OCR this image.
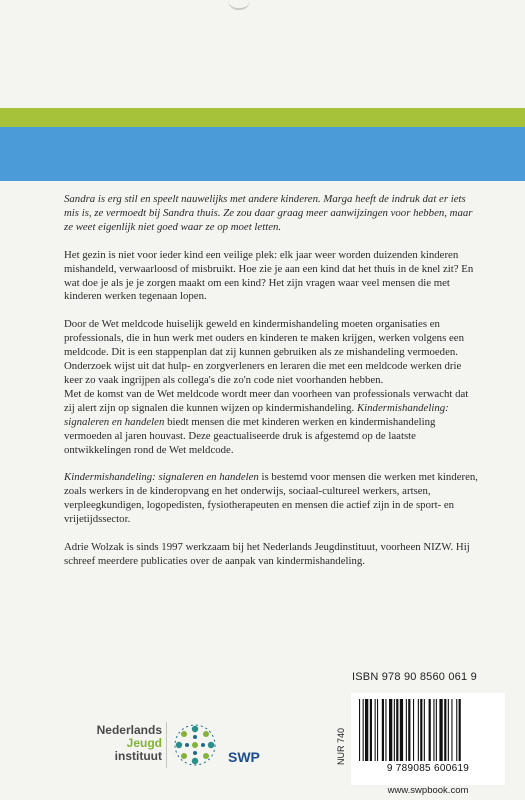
Sandra is erg stil en speelt nauwelijks met andere kinderen. Marga heeft de indruk dat er iets mis is, ze vermoedt bij Sandra thuis. Ze zou daar graag meer aanwijzingen voor hebben, maar ze weet eigenlijk niet goed waar ze op moet letten.

Het gezin is niet voor ieder kind een veilige plek: elk jaar weer worden duizenden kinderen mishandeld, verwaarloosd of misbruikt. Hoe zie je aan een kind dat het thuis in de knel zit? En wat doe je als je je zorgen maakt om een kind? Het zijn vragen waar veel mensen die met kinderen werken tegenaan lopen.

Door de Wet meldcode huiselijk geweld en kindermishandeling moeten organisaties en professionals, die in hun werk met ouders en kinderen te maken krijgen, werken volgens een meldcode. Dit is een stappenplan dat zij kunnen gebruiken als ze mishandeling vermoeden. Onderzoek wijst uit dat hulp- en zorgverleners en leraren die met een meldcode werken drie keer zo vaak ingrijpen als collega's die zo'n code niet voorhanden hebben.

Met de komst van de Wet meldcode wordt meer dan voorheen van professionals verwacht dat zij alert zijn op signalen die kunnen wijzen op kindermishandeling. Kindermishandeling: signaleren en handelen biedt mensen die met kinderen werken en kindermishandeling vermoeden al jaren houvast. Deze geactualiseerde druk is afgestemd op de laatste ontwikkelingen rond de Wet meldcode.

Kindermishandeling: signaleren en handelen is bestemd voor mensen die werken met kinderen, zoals werkers in de kinderopvang en het onderwijs, sociaal-cultureel werkers, artsen, verpleegkundigen, logopedisten, fysiotherapeuten en mensen die actief zijn in de sport- en vrijetijdssector.

Adrie Wolzak is sinds 1997 werkzaam bij het Nederlands Jeugdinstituut, voorheen NIZW. Hij schreef meerdere publicaties over de aanpak van kindermishandeling.

Nederlands
Jeugd
instituut	SWP
ISBN 978 90 8560 061 9
NUR 740
9 789085 600619
www.swpbook.com
